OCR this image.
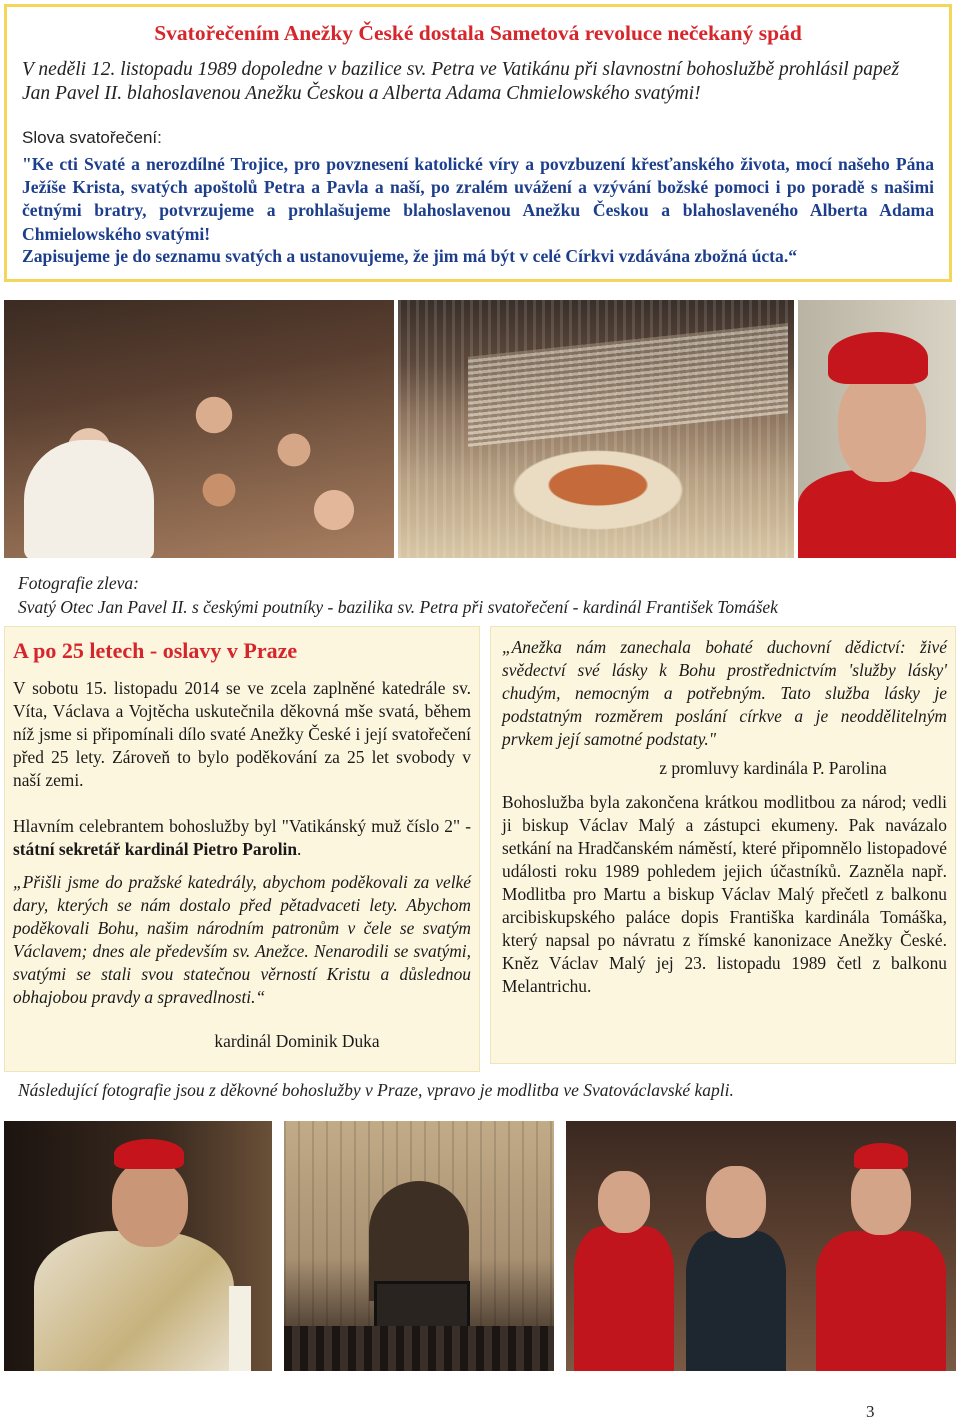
Svatořečením Anežky České dostala Sametová revoluce nečekaný spád
V neděli 12. listopadu 1989 dopoledne v bazilice sv. Petra ve Vatikánu při slavnostní bohoslužbě prohlásil papež
Jan Pavel II. blahoslavenou Anežku Českou a Alberta Adama Chmielowského svatými!
Slova svatořečení:
"Ke cti Svaté a nerozdílné Trojice, pro povznesení katolické víry a povzbuzení křesťanského života, mocí našeho Pána Ježíše Krista, svatých apoštolů Petra a Pavla a naší, po zralém uvážení a vzývání božské pomoci i po poradě s našimi četnými bratry, potvrzujeme a prohlašujeme blahoslavenou Anežku Českou a blahoslaveného Alberta Adama Chmielowského svatými!
Zapisujeme je do seznamu svatých a ustanovujeme, že jim má být v celé Církvi vzdávána zbožná úcta.“
Fotografie zleva:
Svatý Otec Jan Pavel II. s českými poutníky - bazilika sv. Petra při svatořečení - kardinál František Tomášek
A po 25 letech - oslavy v Praze
V sobotu 15. listopadu 2014 se ve zcela zaplněné katedrále sv. Víta, Václava a Vojtěcha uskutečnila děkovná mše svatá, během níž jsme si připomínali dílo svaté Anežky České i její svatořečení před 25 lety. Zároveň to bylo poděkování za 25 let svobody v naší zemi.
Hlavním celebrantem bohoslužby byl "Vatikánský muž číslo 2" - státní sekretář kardinál Pietro Parolin.
„Přišli jsme do pražské katedrály, abychom poděkovali za velké dary, kterých se nám dostalo před pětadvaceti lety. Abychom poděkovali Bohu, našim národním patronům v čele se svatým Václavem; dnes ale především sv. Anežce. Nenarodili se svatými, svatými se stali svou statečnou věrností Kristu a důslednou obhajobou pravdy a spravedlnosti.“
kardinál Dominik Duka
„Anežka nám zanechala bohaté duchovní dědictví: živé svědectví své lásky k Bohu prostřednictvím 'služby lásky' chudým, nemocným a potřebným. Tato služba lásky je podstatným rozměrem poslání církve a je neoddělitelným prvkem její samotné podstaty."
z promluvy kardinála P. Parolina
Bohoslužba byla zakončena krátkou modlitbou za národ; vedli ji biskup Václav Malý a zástupci ekumeny. Pak navázalo setkání na Hradčanském náměstí, které připomnělo listopadové události roku 1989 pohledem jejich účastníků. Zazněla např. Modlitba pro Martu a biskup Václav Malý přečetl z balkonu arcibiskupského paláce dopis Františka kardinála Tomáška, který napsal po návratu z římské kanonizace Anežky České. Kněz Václav Malý jej 23. listopadu 1989 četl z balkonu Melantrichu.
Následující fotografie jsou z děkovné bohoslužby v Praze, vpravo je modlitba ve Svatováclavské kapli.
3
